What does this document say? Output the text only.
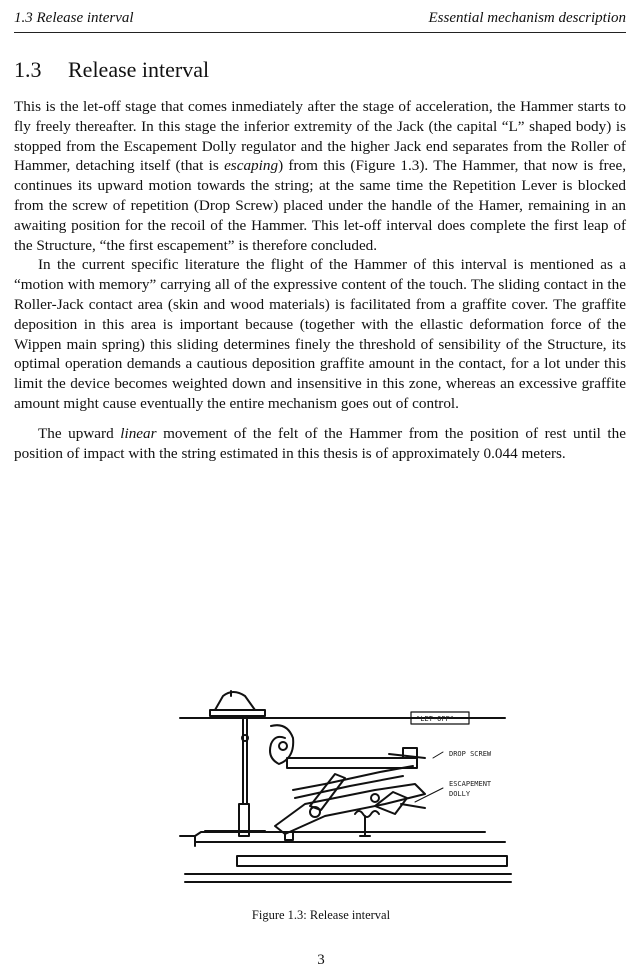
1.3 Release interval	Essential mechanism description
1.3 Release interval

This is the let-off stage that comes inmediately after the stage of acceleration, the Hammer starts to fly freely thereafter. In this stage the inferior extremity of the Jack (the capital “L” shaped body) is stopped from the Escapement Dolly regulator and the higher Jack end separates from the Roller of Hammer, detaching itself (that is escaping) from this (Figure 1.3). The Hammer, that now is free, continues its upward motion towards the string; at the same time the Repetition Lever is blocked from the screw of repetition (Drop Screw) placed under the handle of the Hamer, remaining in an awaiting position for the recoil of the Hammer. This let-off interval does complete the first leap of the Structure, “the first escapement” is therefore concluded.

In the current specific literature the flight of the Hammer of this interval is mentioned as a “motion with memory” carrying all of the expressive content of the touch. The sliding contact in the Roller-Jack contact area (skin and wood materials) is facilitated from a graffite cover. The graffite deposition in this area is important because (together with the ellastic deformation force of the Wippen main spring) this sliding determines finely the threshold of sensibility of the Structure, its optimal operation demands a cautious deposition graffite amount in the contact, for a lot under this limit the device becomes weighted down and insensitive in this zone, whereas an excessive graffite amount might cause eventually the entire mechanism goes out of control.

The upward linear movement of the felt of the Hammer from the position of rest until the position of impact with the string estimated in this thesis is of approximately 0.044 meters.

"LET-OFF"
DROP SCREW
ESCAPEMENT
DOLLY
Figure 1.3: Release interval
3
